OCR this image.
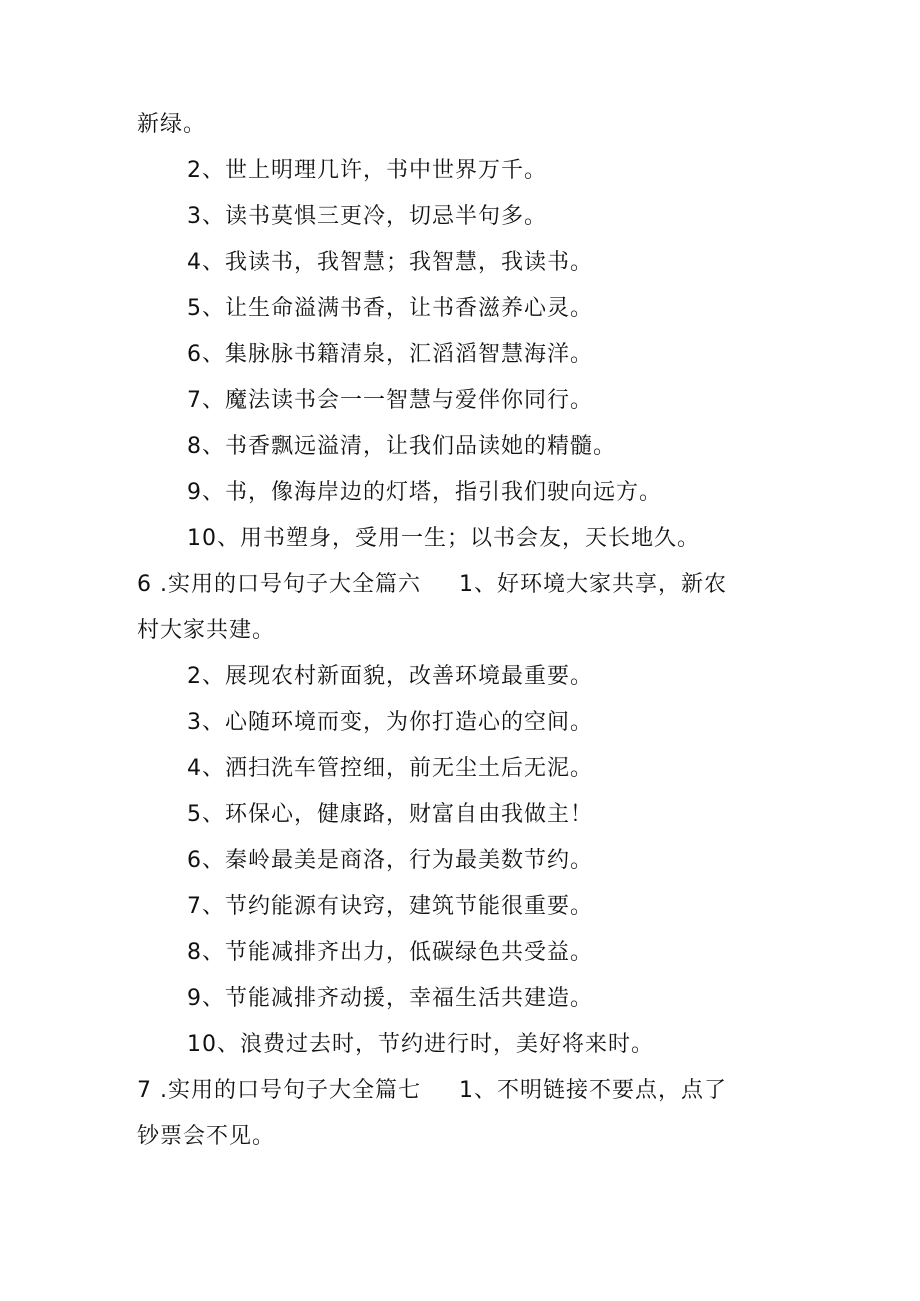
新绿。
2、世上明理几许，书中世界万千。
3、读书莫惧三更冷，切忌半句多。
4、我读书，我智慧；我智慧，我读书。
5、让生命溢满书香，让书香滋养心灵。
6、集脉脉书籍清泉，汇滔滔智慧海洋。
7、魔法读书会一一智慧与爱伴你同行。
8、书香飘远溢清，让我们品读她的精髓。
9、书，像海岸边的灯塔，指引我们驶向远方。
10、用书塑身，受用一生；以书会友，天长地久。
6 .实用的口号句子大全篇六 1、好环境大家共享，新农
村大家共建。
2、展现农村新面貌，改善环境最重要。
3、心随环境而变，为你打造心的空间。
4、洒扫洗车管控细，前无尘土后无泥。
5、环保心，健康路，财富自由我做主！
6、秦岭最美是商洛，行为最美数节约。
7、节约能源有诀窍，建筑节能很重要。
8、节能减排齐出力，低碳绿色共受益。
9、节能减排齐动援，幸福生活共建造。
10、浪费过去时，节约进行时，美好将来时。
7 .实用的口号句子大全篇七 1、不明链接不要点，点了
钞票会不见。
